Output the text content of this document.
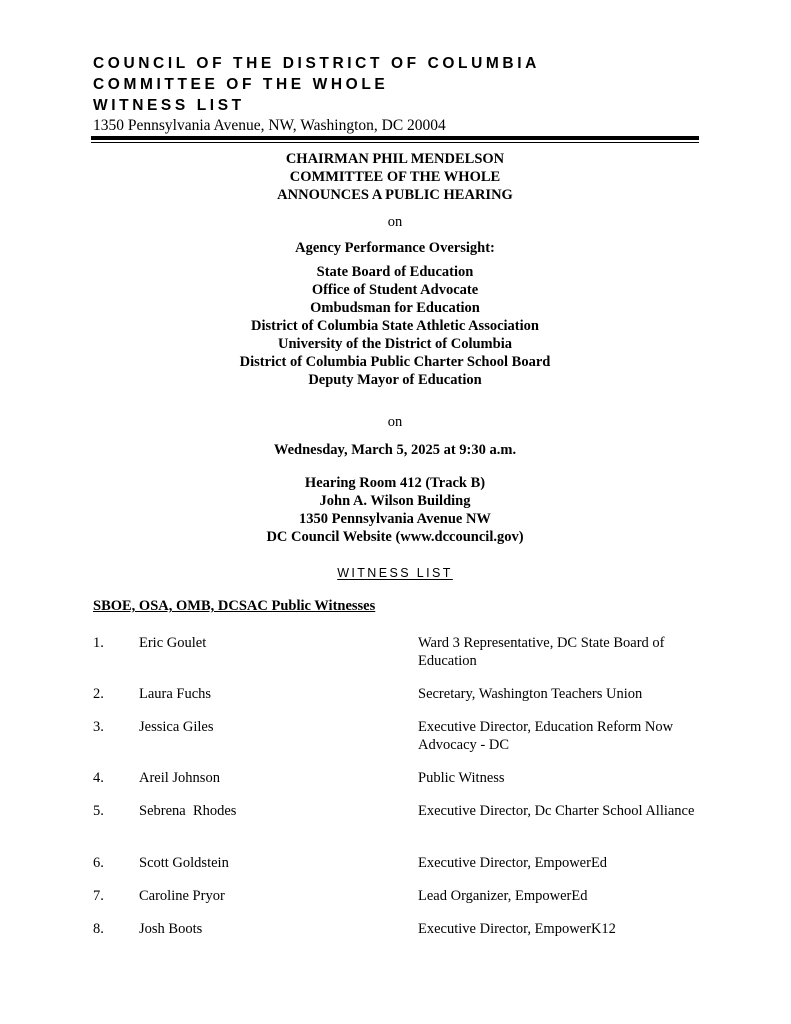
COUNCIL OF THE DISTRICT OF COLUMBIA
COMMITTEE OF THE WHOLE
WITNESS LIST
1350 Pennsylvania Avenue, NW, Washington, DC 20004
CHAIRMAN PHIL MENDELSON
COMMITTEE OF THE WHOLE
ANNOUNCES A PUBLIC HEARING
on
Agency Performance Oversight:
State Board of Education
Office of Student Advocate
Ombudsman for Education
District of Columbia State Athletic Association
University of the District of Columbia
District of Columbia Public Charter School Board
Deputy Mayor of Education
on
Wednesday, March 5, 2025 at 9:30 a.m.
Hearing Room 412 (Track B)
John A. Wilson Building
1350 Pennsylvania Avenue NW
DC Council Website (www.dccouncil.gov)
WITNESS LIST
SBOE, OSA, OMB, DCSAC Public Witnesses
1. Eric Goulet	Ward 3 Representative, DC State Board of Education
2. Laura Fuchs	Secretary, Washington Teachers Union
3. Jessica Giles	Executive Director, Education Reform Now Advocacy - DC
4. Areil Johnson	Public Witness
5. Sebrena  Rhodes	Executive Director, Dc Charter School Alliance
6. Scott Goldstein	Executive Director, EmpowerEd
7. Caroline Pryor	Lead Organizer, EmpowerEd
8. Josh Boots	Executive Director, EmpowerK12
